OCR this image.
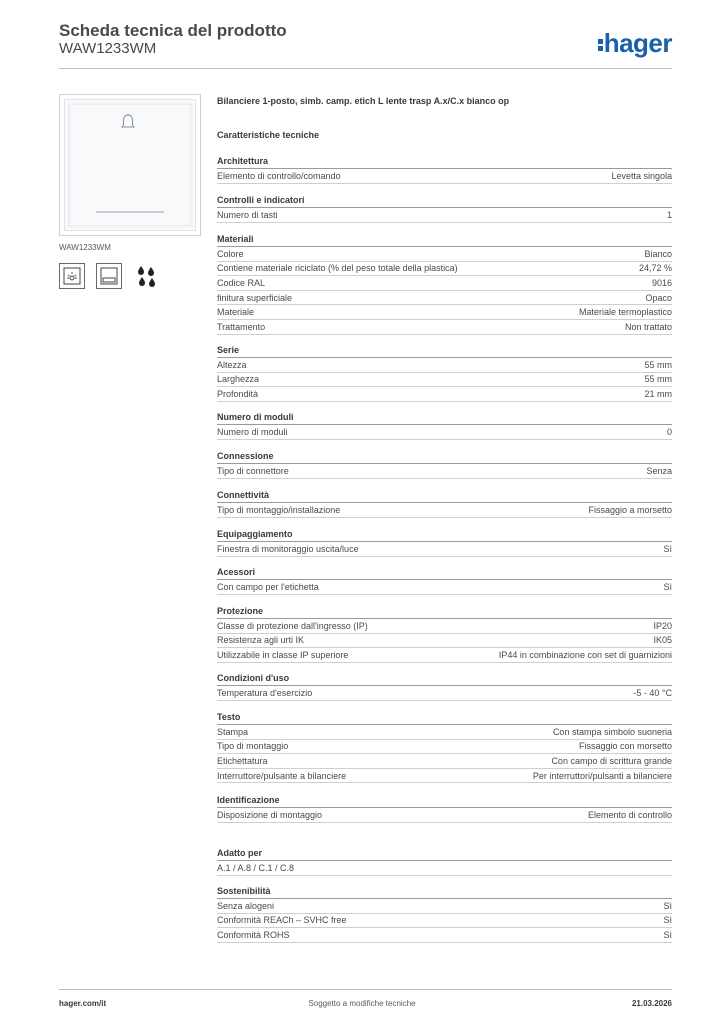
Scheda tecnica del prodotto
WAW1233WM	hager
WAW1233WM
Bilanciere 1-posto, simb. camp. etich L lente trasp A.x/C.x bianco op
Caratteristiche tecniche
Architettura
Elemento di controllo/comando	Levetta singola
Controlli e indicatori
Numero di tasti	1
Materiali
Colore	Bianco
Contiene materiale riciclato (% del peso totale della plastica)	24,72 %
Codice RAL	9016
finitura superficiale	Opaco
Materiale	Materiale termoplastico
Trattamento	Non trattato
Serie
Altezza	55 mm
Larghezza	55 mm
Profondità	21 mm
Numero di moduli
Numero di moduli	0
Connessione
Tipo di connettore	Senza
Connettività
Tipo di montaggio/installazione	Fissaggio a morsetto
Equipaggiamento
Finestra di monitoraggio uscita/luce	Sì
Acessori
Con campo per l'etichetta	Sì
Protezione
Classe di protezione dall'ingresso (IP)	IP20
Resistenza agli urti IK	IK05
Utilizzabile in classe IP superiore	IP44 in combinazione con set di guarnizioni
Condizioni d'uso
Temperatura d'esercizio	-5 - 40 °C
Testo
Stampa	Con stampa simbolo suoneria
Tipo di montaggio	Fissaggio con morsetto
Etichettatura	Con campo di scrittura grande
Interruttore/pulsante a bilanciere	Per interruttori/pulsanti a bilanciere
Identificazione
Disposizione di montaggio	Elemento di controllo
Adatto per
A.1 / A.8 / C.1 / C.8
Sostenibilità
Senza alogeni	Sì
Conformità REACh – SVHC free	Sì
Conformità ROHS	Sì
hager.com/it	Soggetto a modifiche tecniche	21.03.2026
